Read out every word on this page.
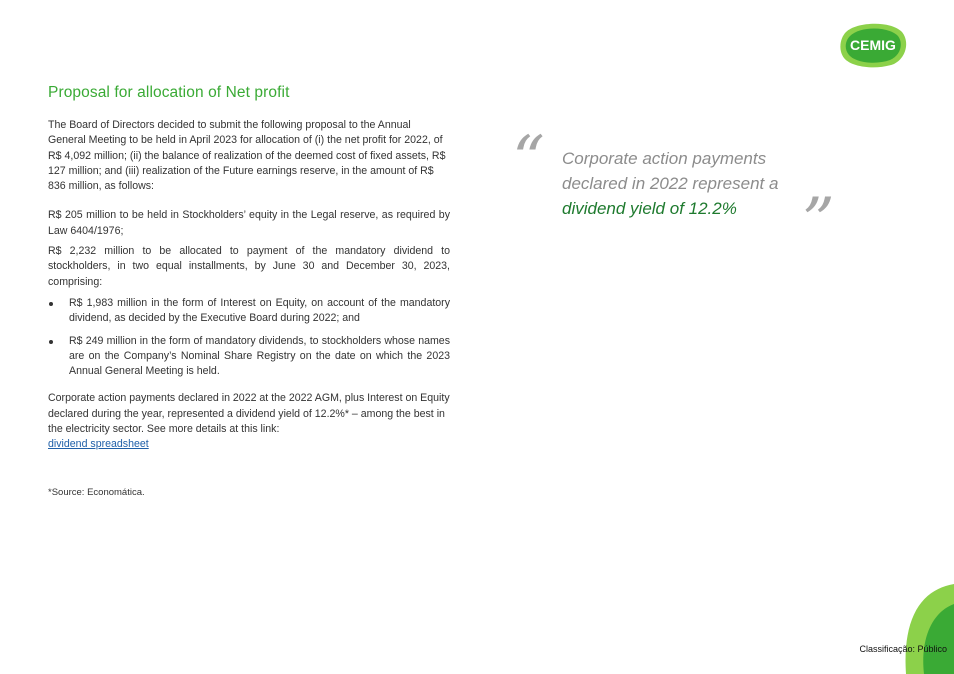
CEMIG
Proposal for allocation of Net profit

The Board of Directors decided to submit the following proposal to the Annual General Meeting to be held in April 2023 for allocation of (i) the net profit for 2022, of R$ 4,092 million; (ii) the balance of realization of the deemed cost of fixed assets, R$ 127 million; and (iii) realization of the Future earnings reserve, in the amount of R$ 836 million, as follows:

R$ 205 million to be held in Stockholders’ equity in the Legal reserve, as required by Law 6404/1976;

R$ 2,232 million to be allocated to payment of the mandatory dividend to stockholders, in two equal installments, by June 30 and December 30, 2023, comprising:

R$ 1,983 million in the form of Interest on Equity, on account of the mandatory dividend, as decided by the Executive Board during 2022; and
R$ 249 million in the form of mandatory dividends, to stockholders whose names are on the Company’s Nominal Share Registry on the date on which the 2023 Annual General Meeting is held.

Corporate action payments declared in 2022 at the 2022 AGM, plus Interest on Equity declared during the year, represented a dividend yield of 12.2%* – among the best in the electricity sector. See more details at this link:
dividend spreadsheet

*Source: Economática.

“ Corporate action payments declared in 2022 represent a dividend yield of 12.2%	”
Classificação: Público
